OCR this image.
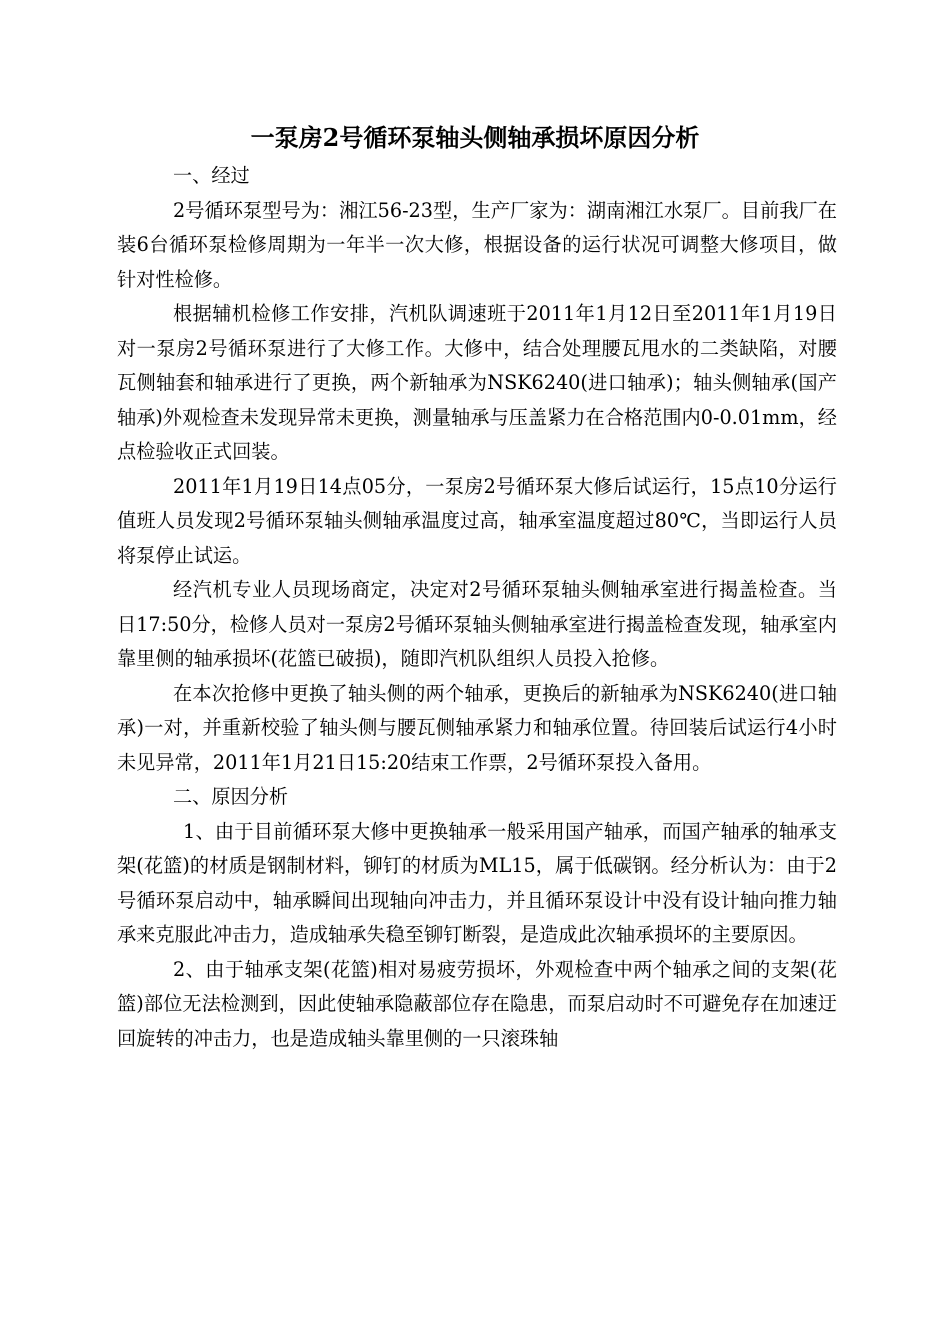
一泵房2号循环泵轴头侧轴承损坏原因分析

一、经过

2号循环泵型号为：湘江56-23型，生产厂家为：湖南湘江水泵厂。目前我厂在装6台循环泵检修周期为一年半一次大修，根据设备的运行状况可调整大修项目，做针对性检修。

根据辅机检修工作安排，汽机队调速班于2011年1月12日至2011年1月19日对一泵房2号循环泵进行了大修工作。大修中，结合处理腰瓦甩水的二类缺陷，对腰瓦侧轴套和轴承进行了更换，两个新轴承为NSK6240(进口轴承)；轴头侧轴承(国产轴承)外观检查未发现异常未更换，测量轴承与压盖紧力在合格范围内0-0.01mm，经点检验收正式回装。

2011年1月19日14点05分，一泵房2号循环泵大修后试运行，15点10分运行值班人员发现2号循环泵轴头侧轴承温度过高，轴承室温度超过80℃，当即运行人员将泵停止试运。

经汽机专业人员现场商定，决定对2号循环泵轴头侧轴承室进行揭盖检查。当日17:50分，检修人员对一泵房2号循环泵轴头侧轴承室进行揭盖检查发现，轴承室内靠里侧的轴承损坏(花篮已破损)，随即汽机队组织人员投入抢修。

在本次抢修中更换了轴头侧的两个轴承，更换后的新轴承为NSK6240(进口轴承)一对，并重新校验了轴头侧与腰瓦侧轴承紧力和轴承位置。待回装后试运行4小时未见异常，2011年1月21日15:20结束工作票，2号循环泵投入备用。

二、原因分析

1、由于目前循环泵大修中更换轴承一般采用国产轴承，而国产轴承的轴承支架(花篮)的材质是钢制材料，铆钉的材质为ML15，属于低碳钢。经分析认为：由于2号循环泵启动中，轴承瞬间出现轴向冲击力，并且循环泵设计中没有设计轴向推力轴承来克服此冲击力，造成轴承失稳至铆钉断裂，是造成此次轴承损坏的主要原因。

2、由于轴承支架(花篮)相对易疲劳损坏，外观检查中两个轴承之间的支架(花篮)部位无法检测到，因此使轴承隐蔽部位存在隐患，而泵启动时不可避免存在加速迂回旋转的冲击力，也是造成轴头靠里侧的一只滚珠轴
